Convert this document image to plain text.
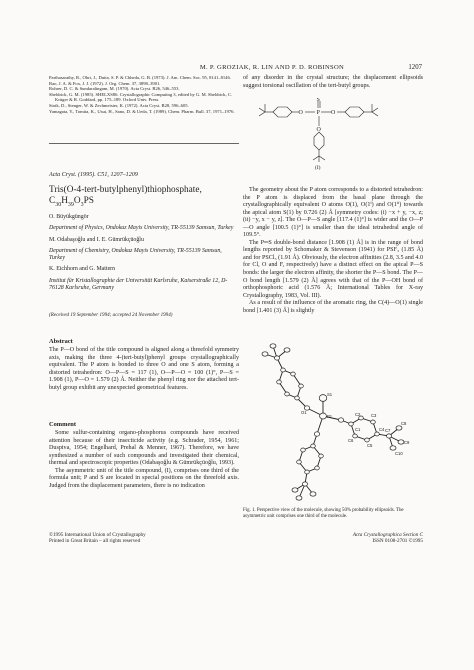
M. P. GROZIAK, R. LIN AND P. D. ROBINSON	1207

Parthasarathy, R., Ohrt, J., Dutta, S. P. & Chheda, G. B. (1973). J. Am. Chem. Soc. 95, 8141–8146.

Rao, J. A. & Fox, J. J. (1972). J. Org. Chem. 37, 3898–3901.

Rohrer, D. C. & Sundaralingam, M. (1970). Acta Cryst. B26, 546–553.

Sheldrick, G. M. (1985). SHELXS86. Crystallographic Computing 3, edited by G. M. Sheldrick, C. Krüger & R. Goddard, pp. 175–189. Oxford Univ. Press.

Stoik, D., Stenger, W. & Zechmeister, K. (1972). Acta Cryst. B28, 596–605.

Yamagata, Y., Tomita, K., Usui, H., Sano, D. & Ueda, T. (1989). Chem. Pharm. Bull. 37, 1971–1976.

of any disorder in the crystal structure; the displacement ellipsoids suggest torsional oscillation of the tert-butyl groups.
O P
S
O
O
(I)
Acta Cryst. (1995). C51, 1207–1209
Tris(O-4-tert-butylphenyl)thiophosphate,
$C_{30}H_{39}O_3PS$

O. Büyükgüngör

Department of Physics, Ondokuz Mayis University, TR-55139 Samsun, Turkey

M. Odabaşoğlu and I. E. Gümrükçüoğlu

Department of Chemistry, Ondokuz Mayis University, TR-55139 Samsun, Turkey

K. Eichhorn and G. Mattern

Institut für Kristallographie der Universität Karlsruhe, Kaiserstraße 12, D-76128 Karlsruhe, Germany

(Received 19 September 1994; accepted 24 November 1994)
Abstract
The P—O bond of the title compound is aligned along a threefold symmetry axis, making the three 4-(tert-butyl)phenyl groups crystallographically equivalent. The P atom is bonded to three O and one S atom, forming a distorted tetrahedron: O—P—S = 117 (1), O—P—O = 100 (1)°, P—S = 1.908 (1), P—O = 1.579 (2) Å. Neither the phenyl ring nor the attached tert-butyl group exhibit any unexpected geometrical features.
Comment

Some sulfur-containing organo-phosphorus compounds have received attention because of their insecticide activity (e.g. Schrader, 1954, 1961; Duspiva, 1954; Engelhard, Prehal & Menner, 1967). Therefore, we have synthesized a number of such compounds and investigated their chemical, thermal and spectroscopic properties (Odabaşoğlu & Gümrükçüoğlu, 1993).

The asymmetric unit of the title compound, (I), comprises one third of the formula unit; P and S are located in special positions on the threefold axis. Judged from the displacement parameters, there is no indication

©1995 International Union of Crystallography
Printed in Great Britain – all rights reserved

The geometry about the P atom corresponds to a distorted tetrahedron: the P atom is displaced from the basal plane through the crystallographically equivalent O atoms O(1), O(1ⁱ) and O(1ⁱⁱ) towards the apical atom S(1) by 0.726 (2) Å [symmetry codes: (i) −x + y, −x, z; (ii) −y, x − y, z]. The O—P—S angle [117.4 (1)°] is wider and the O—P—O angle [100.5 (1)°] is smaller than the ideal tetrahedral angle of 109.5°.

The P═S double-bond distance [1.908 (1) Å] is in the range of bond lengths reported by Schomaker & Stevenson (1941) for PSF₃ (1.85 Å) and for PSCl₃ (1.91 Å). Obviously, the electron affinities (2.8, 3.5 and 4.0 for Cl, O and F, respectively) have a distinct effect on the apical P—S bonds: the larger the electron affinity, the shorter the P—S bond. The P—O bond length [1.579 (2) Å] agrees with that of the P—OH bond of orthophosphoric acid (1.576 Å; International Tables for X-ray Crystallography, 1983, Vol. III).

As a result of the influence of the aromatic ring, the C(4)—O(1) single bond [1.401 (3) Å] is slightly

S1
O1
P1
C1
C2	C3
C4
C5
C6
C7
C8
C9
C10
Fig. 1. Perspective view of the molecule, showing 50% probability ellipsoids. The asymmetric unit comprises one third of the molecule.
Acta Crystallographica Section C
ISSN 0108-2701 ©1995
